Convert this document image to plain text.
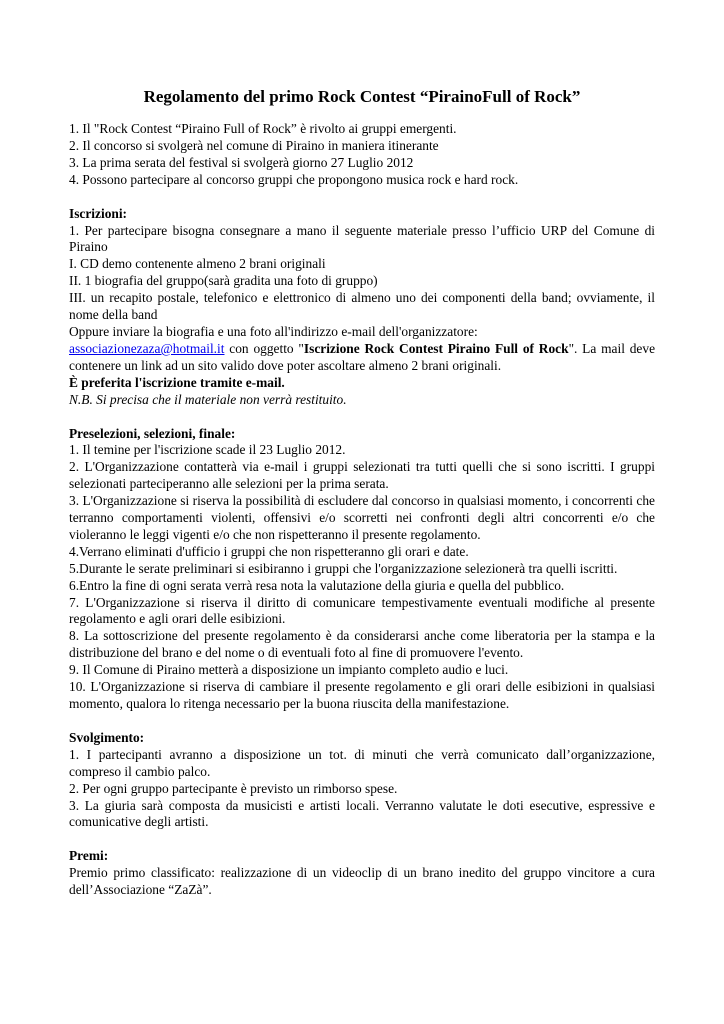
Regolamento del primo Rock Contest “PirainoFull of Rock”

1. Il "Rock Contest “Piraino Full of Rock” è rivolto ai gruppi emergenti.

2. Il concorso si svolgerà nel comune di Piraino in maniera itinerante

3. La prima serata del festival si svolgerà giorno 27 Luglio 2012

4. Possono partecipare al concorso gruppi che propongono musica rock e hard rock.

Iscrizioni:

1. Per partecipare bisogna consegnare a mano il seguente materiale presso l’ufficio URP del Comune di Piraino

I. CD demo contenente almeno 2 brani originali

II. 1 biografia del gruppo(sarà gradita una foto di gruppo)

III. un recapito postale, telefonico e elettronico di almeno uno dei componenti della band; ovviamente, il nome della band

Oppure inviare la biografia e una foto all'indirizzo e-mail dell'organizzatore:

associazionezaza@hotmail.it con oggetto "Iscrizione Rock Contest Piraino Full of Rock". La mail deve contenere un link ad un sito valido dove poter ascoltare almeno 2 brani originali.

È preferita l'iscrizione tramite e-mail.

N.B. Si precisa che il materiale non verrà restituito.

Preselezioni, selezioni, finale:

1. Il temine per l'iscrizione scade il 23 Luglio 2012.

2. L'Organizzazione contatterà via e-mail i gruppi selezionati tra tutti quelli che si sono iscritti. I gruppi selezionati parteciperanno alle selezioni per la prima serata.

3. L'Organizzazione si riserva la possibilità di escludere dal concorso in qualsiasi momento, i concorrenti che terranno comportamenti violenti, offensivi e/o scorretti nei confronti degli altri concorrenti e/o che violeranno le leggi vigenti e/o che non rispetteranno il presente regolamento.

4.Verrano eliminati d'ufficio i gruppi che non rispetteranno gli orari e date.

5.Durante le serate preliminari si esibiranno i gruppi che l'organizzazione selezionerà tra quelli iscritti.

6.Entro la fine di ogni serata verrà resa nota la valutazione della giuria e quella del pubblico.

7. L'Organizzazione si riserva il diritto di comunicare tempestivamente eventuali modifiche al presente regolamento e agli orari delle esibizioni.

8. La sottoscrizione del presente regolamento è da considerarsi anche come liberatoria per la stampa e la distribuzione del brano e del nome o di eventuali foto al fine di promuovere l'evento.

9. Il Comune di Piraino metterà a disposizione un impianto completo audio e luci.

10. L'Organizzazione si riserva di cambiare il presente regolamento e gli orari delle esibizioni in qualsiasi momento, qualora lo ritenga necessario per la buona riuscita della manifestazione.

Svolgimento:

1. I partecipanti avranno a disposizione un tot. di minuti che verrà comunicato dall’organizzazione, compreso il cambio palco.

2. Per ogni gruppo partecipante è previsto un rimborso spese.

3. La giuria sarà composta da musicisti e artisti locali. Verranno valutate le doti esecutive, espressive e comunicative degli artisti.

Premi:

Premio primo classificato: realizzazione di un videoclip di un brano inedito del gruppo vincitore a cura dell’Associazione “ZaZà”.
